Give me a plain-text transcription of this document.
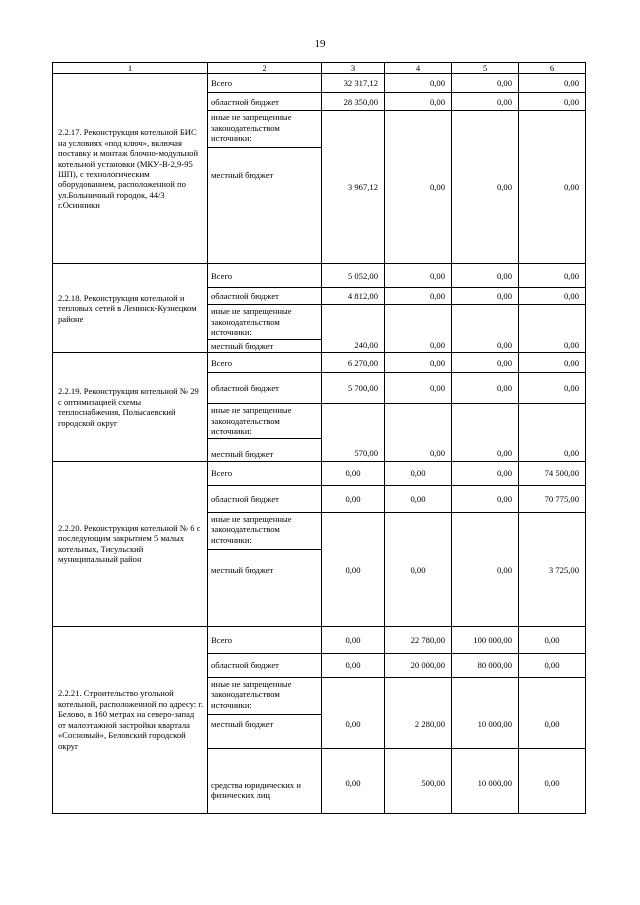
19
1	2	3	4	5	6
2.2.17. Реконструкция котельной БИС на условиях «под ключ», включая поставку и монтаж блочно-модульной котельной установки (МКУ-В-2,9-95 ШП), с технологическим оборудованием, расположенной по ул.Больничный городок, 44/3 г.Осинники	Всего	32 317,12	0,00	0,00	0,00
	областной бюджет	28 350,00	0,00	0,00	0,00
	иные не запрещенные законодательством источники:	3 967,12	0,00	0,00	0,00
	местный бюджет				
2.2.18. Реконструкция котельной и тепловых сетей в Ленинск-Кузнецком районе	Всего	5 052,00	0,00	0,00	0,00
	областной бюджет	4 812,00	0,00	0,00	0,00
	иные не запрещенные законодательством источники:	240,00	0,00	0,00	0,00
	местный бюджет				
2.2.19. Реконструкция котельной № 29 с оптимизацией схемы теплоснабжения, Полысаевский городской округ	Всего	6 270,00	0,00	0,00	0,00
	областной бюджет	5 700,00	0,00	0,00	0,00
	иные не запрещенные законодательством источники:	570,00	0,00	0,00	0,00
	местный бюджет				
2.2.20. Реконструкция котельной № 6 с последующим закрытием 5 малых котельных, Тисульский муниципальный район	Всего	0,00	0,00	0,00	74 500,00
	областной бюджет	0,00	0,00	0,00	70 775,00
	иные не запрещенные законодательством источники:	0,00	0,00	0,00	3 725,00
	местный бюджет				
2.2.21. Строительство угольной котельной, расположенной по адресу: г. Белово, в 160 метрах на северо-запад от малоэтажной застройки квартала «Сосновый», Беловский городской округ	Всего	0,00	22 780,00	100 000,00	0,00
	областной бюджет	0,00	20 000,00	80 000,00	0,00
	иные не запрещенные законодательством источники:	0,00	2 280,00	10 000,00	0,00
	местный бюджет				
	средства юридических и физических лиц	0,00	500,00	10 000,00	0,00
